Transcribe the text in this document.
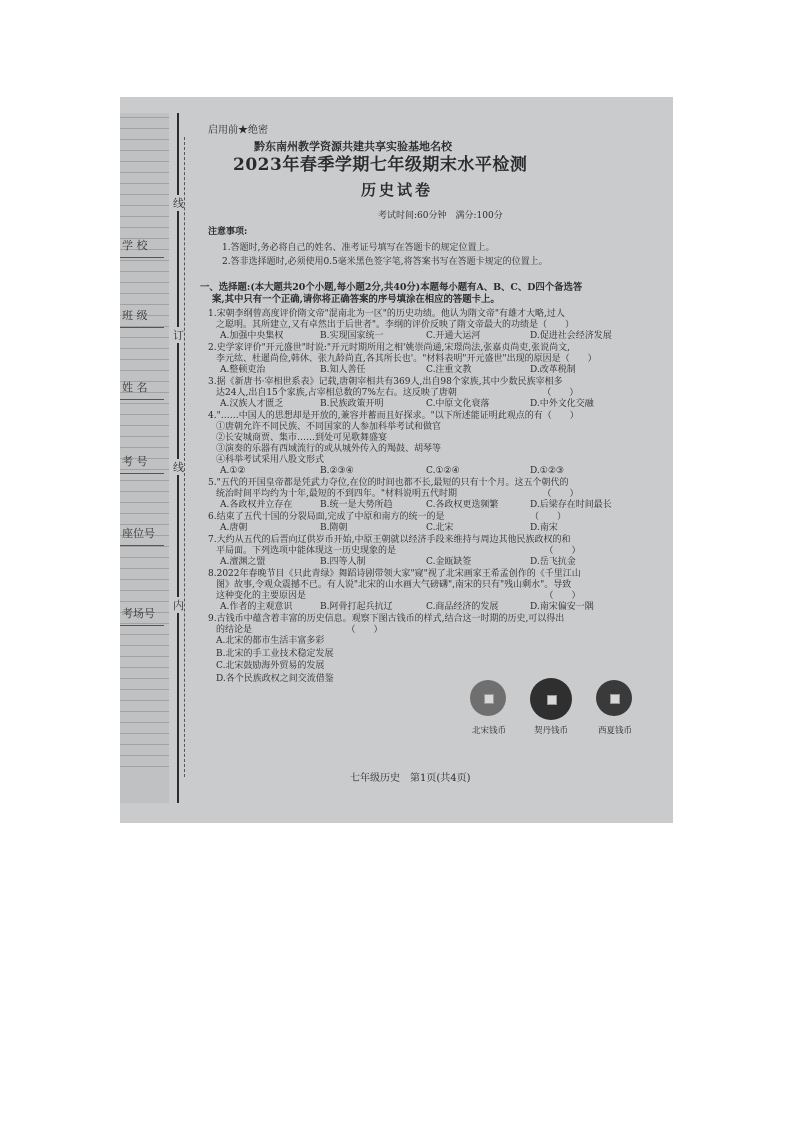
学 校
班 级
姓 名
考 号
座位号
考场号
线
订
线
内
启用前★绝密
黔东南州教学资源共建共享实验基地名校
2023年春季学期七年级期末水平检测
历史试卷
考试时间:60分钟　满分:100分
注意事项:
1.答题时,务必将自己的姓名、准考证号填写在答题卡的规定位置上。
2.答非选择题时,必须使用0.5毫米黑色签字笔,将答案书写在答题卡规定的位置上。
一、选择题:(本大题共20个小题,每小题2分,共40分)本题每小题有A、B、C、D四个备选答
案,其中只有一个正确,请你将正确答案的序号填涂在相应的答题卡上。
1.宋朝李纲曾高度评价隋文帝"混南北为一区"的历史功绩。他认为隋文帝"有雄才大略,过人
之聪明。其所建立,又有卓然出于后世者"。李纲的评价反映了隋文帝最大的功绩是（　　）
A.加强中央集权	B.实现国家统一	C.开通大运河	D.促进社会经济发展
2.史学家评价"开元盛世"时说:"开元时期所用之相'姚崇尚通,宋璟尚法,张嘉贞尚吏,张说尚文,
李元纮、杜暹尚俭,韩休、张九龄尚直,各其所长也'。"材料表明"开元盛世"出现的原因是（　　）
A.整顿吏治	B.知人善任	C.注重文教	D.改革税制
3.据《新唐书·宰相世系表》记载,唐朝宰相共有369人,出自98个家族,其中少数民族宰相多
达24人,出自15个家族,占宰相总数的7%左右。这反映了唐朝　　　　　　　　　　（　　）
A.汉族人才匮乏	B.民族政策开明	C.中原文化衰落	D.中外文化交融
4."……中国人的思想却是开放的,兼容并蓄而且好探求。"以下所述能证明此观点的有（　　）
①唐朝允许不同民族、不同国家的人参加科举考试和做官
②长安城商贾、集市……到处可见歌舞盛宴
③演奏的乐器有西域流行的或从城外传入的羯鼓、胡琴等
④科举考试采用八股文形式
A.①②	B.②③④	C.①②④	D.①②③
5."五代的开国皇帝都是凭武力夺位,在位的时间也都不长,最短的只有十个月。这五个朝代的
统治时间平均约为十年,最短的不到四年。"材料说明五代时期　　　　　　　　　　（　　）
A.各政权并立存在	B.统一是大势所趋	C.各政权更迭频繁	D.后梁存在时间最长
6.结束了五代十国的分裂局面,完成了中原和南方的统一的是　　　　　　　　　　（　　）
A.唐朝	B.隋朝	C.北宋	D.南宋
7.大约从五代的后晋向辽供岁币开始,中原王朝就以经济手段来维持与周边其他民族政权的和
平局面。下列选项中能体现这一历史现象的是　　　　　　　　　　　　　　　　　（　　）
A.澶渊之盟	B.四等人制	C.金瓯缺签	D.岳飞抗金
8.2022年春晚节目《只此青绿》舞蹈诗剧带领大家"窥"视了北宋画家王希孟创作的《千里江山
图》故事,令观众震撼不已。有人说"北宋的山水画大气磅礴",南宋的只有"残山剩水"。导致
这种变化的主要原因是　　　　　　　　　　　　　　　　　　　　　　　　　　　（　　）
A.作者的主观意识	B.阿骨打起兵抗辽	C.商品经济的发展	D.南宋偏安一隅
9.古钱币中蕴含着丰富的历史信息。观察下图古钱币的样式,结合这一时期的历史,可以得出
的结论是　　　　　　　　　　　（　　）
A.北宋的都市生活丰富多彩
B.北宋的手工业技术稳定发展
C.北宋鼓励海外贸易的发展
D.各个民族政权之间交流借鉴
北宋钱币	契丹钱币	西夏钱币
七年级历史　第1页(共4页)
